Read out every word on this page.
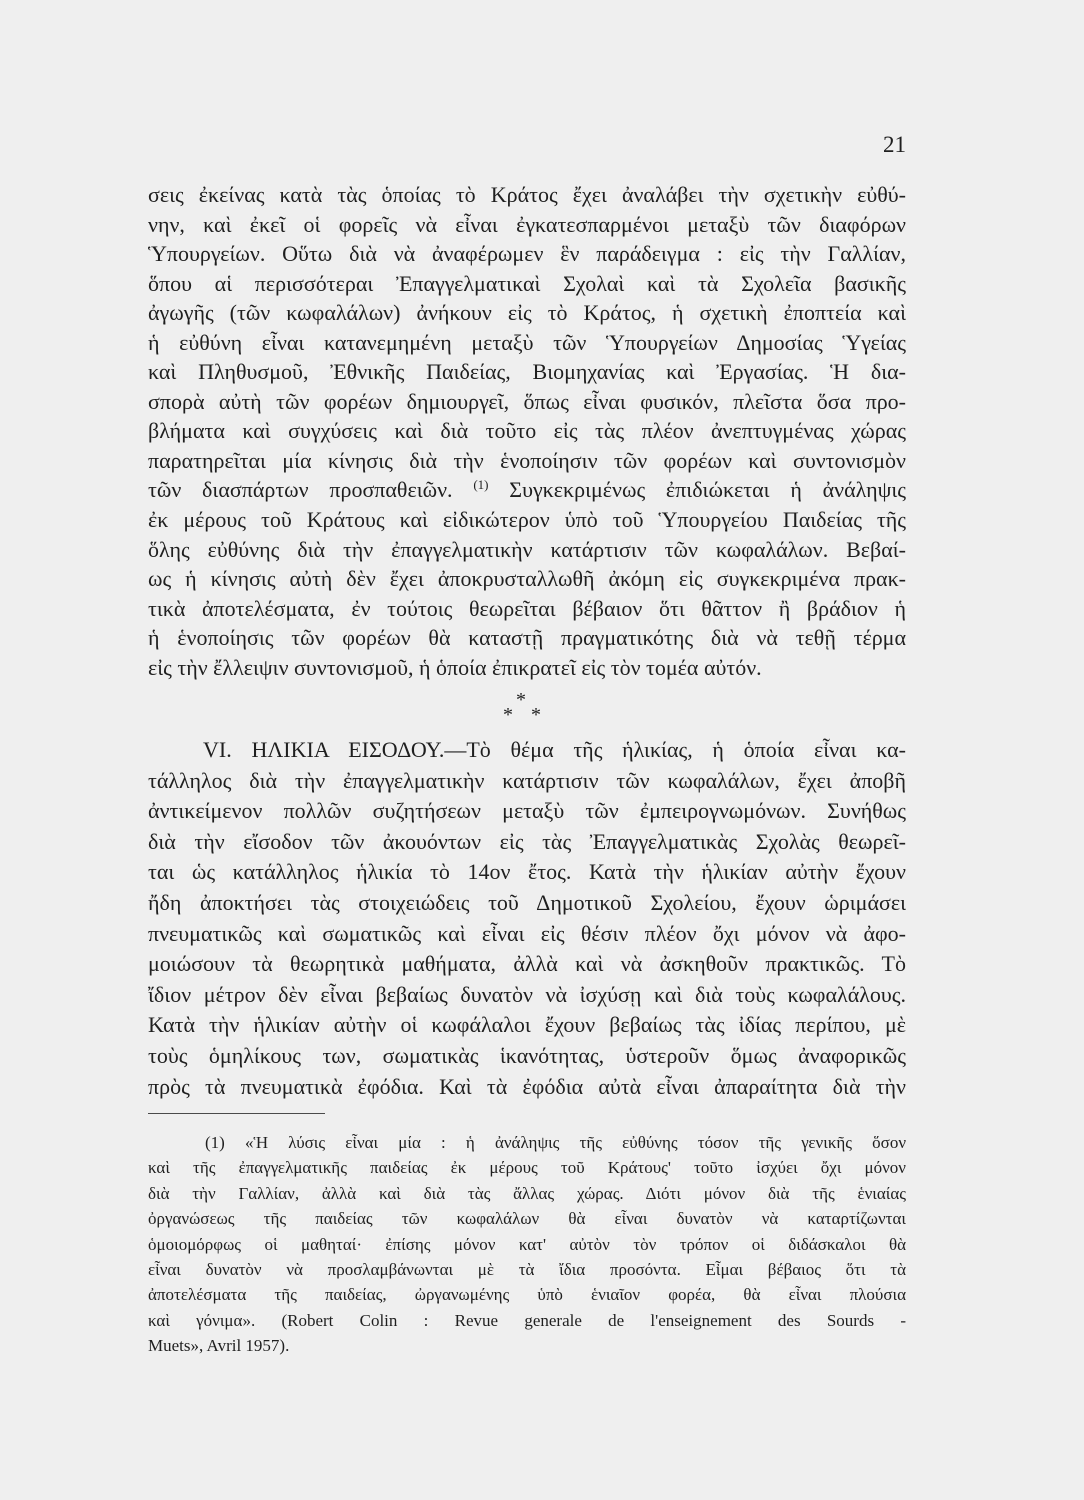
21
σεις ἐκείνας κατὰ τὰς ὁποίας τὸ Κράτος ἔχει ἀναλάβει τὴν σχετικὴν εὐθύ-
νην, καὶ ἐκεῖ οἱ φορεῖς νὰ εἶναι ἐγκατεσπαρμένοι μεταξὺ τῶν διαφόρων
Ὑπουργείων. Οὕτω διὰ νὰ ἀναφέρωμεν ἓν παράδειγμα : εἰς τὴν Γαλλίαν,
ὅπου αἱ περισσότεραι Ἐπαγγελματικαὶ Σχολαὶ καὶ τὰ Σχολεῖα βασικῆς
ἀγωγῆς (τῶν κωφαλάλων) ἀνήκουν εἰς τὸ Κράτος, ἡ σχετικὴ ἐποπτεία καὶ
ἡ εὐθύνη εἶναι κατανεμημένη μεταξὺ τῶν Ὑπουργείων Δημοσίας Ὑγείας
καὶ Πληθυσμοῦ, Ἐθνικῆς Παιδείας, Βιομηχανίας καὶ Ἐργασίας. Ἡ δια-
σπορὰ αὐτὴ τῶν φορέων δημιουργεῖ, ὅπως εἶναι φυσικόν, πλεῖστα ὅσα προ-
βλήματα καὶ συγχύσεις καὶ διὰ τοῦτο εἰς τὰς πλέον ἀνεπτυγμένας χώρας
παρατηρεῖται μία κίνησις διὰ τὴν ἑνοποίησιν τῶν φορέων καὶ συντονισμὸν
τῶν διασπάρτων προσπαθειῶν. $^{(1)}$ Συγκεκριμένως ἐπιδιώκεται ἡ ἀνάληψις
ἐκ μέρους τοῦ Κράτους καὶ εἰδικώτερον ὑπὸ τοῦ Ὑπουργείου Παιδείας τῆς
ὅλης εὐθύνης διὰ τὴν ἐπαγγελματικὴν κατάρτισιν τῶν κωφαλάλων. Βεβαί-
ως ἡ κίνησις αὐτὴ δὲν ἔχει ἀποκρυσταλλωθῆ ἀκόμη εἰς συγκεκριμένα πρακ-
τικὰ ἀποτελέσματα, ἐν τούτοις θεωρεῖται βέβαιον ὅτι θᾶττον ἢ βράδιον ἡ
ἡ ἑνοποίησις τῶν φορέων θὰ καταστῇ πραγματικότης διὰ νὰ τεθῇ τέρμα
εἰς τὴν ἔλλειψιν συντονισμοῦ, ἡ ὁποία ἐπικρατεῖ εἰς τὸν τομέα αὐτόν.
*
* *
VI. ΗΛΙΚΙΑ ΕΙΣΟΔΟΥ.—Τὸ θέμα τῆς ἡλικίας, ἡ ὁποία εἶναι κα-
τάλληλος διὰ τὴν ἐπαγγελματικὴν κατάρτισιν τῶν κωφαλάλων, ἔχει ἀποβῆ
ἀντικείμενον πολλῶν συζητήσεων μεταξὺ τῶν ἐμπειρογνωμόνων. Συνήθως
διὰ τὴν εἴσοδον τῶν ἀκουόντων εἰς τὰς Ἐπαγγελματικὰς Σχολὰς θεωρεῖ-
ται ὡς κατάλληλος ἡλικία τὸ 14ον ἔτος. Κατὰ τὴν ἡλικίαν αὐτὴν ἔχουν
ἤδη ἀποκτήσει τὰς στοιχειώδεις τοῦ Δημοτικοῦ Σχολείου, ἔχουν ὡριμάσει
πνευματικῶς καὶ σωματικῶς καὶ εἶναι εἰς θέσιν πλέον ὄχι μόνον νὰ ἀφο-
μοιώσουν τὰ θεωρητικὰ μαθήματα, ἀλλὰ καὶ νὰ ἀσκηθοῦν πρακτικῶς. Τὸ
ἴδιον μέτρον δὲν εἶναι βεβαίως δυνατὸν νὰ ἰσχύσῃ καὶ διὰ τοὺς κωφαλάλους.
Κατὰ τὴν ἡλικίαν αὐτὴν οἱ κωφάλαλοι ἔχουν βεβαίως τὰς ἰδίας περίπου, μὲ
τοὺς ὁμηλίκους των, σωματικὰς ἱκανότητας, ὑστεροῦν ὅμως ἀναφορικῶς
πρὸς τὰ πνευματικὰ ἐφόδια. Καὶ τὰ ἐφόδια αὐτὰ εἶναι ἀπαραίτητα διὰ τὴν
(1) «Ἡ λύσις εἶναι μία : ἡ ἀνάληψις τῆς εὐθύνης τόσον τῆς γενικῆς ὅσον
καὶ τῆς ἐπαγγελματικῆς παιδείας ἐκ μέρους τοῦ Κράτους' τοῦτο ἰσχύει ὄχι μόνον
διὰ τὴν Γαλλίαν, ἀλλὰ καὶ διὰ τὰς ἄλλας χώρας. Διότι μόνον διὰ τῆς ἑνιαίας
ὀργανώσεως τῆς παιδείας τῶν κωφαλάλων θὰ εἶναι δυνατὸν νὰ καταρτίζωνται
ὁμοιομόρφως οἱ μαθηταί· ἐπίσης μόνον κατ' αὐτὸν τὸν τρόπον οἱ διδάσκαλοι θὰ
εἶναι δυνατὸν νὰ προσλαμβάνωνται μὲ τὰ ἴδια προσόντα. Εἶμαι βέβαιος ὅτι τὰ
ἀποτελέσματα τῆς παιδείας, ὠργανωμένης ὑπὸ ἑνιαῖον φορέα, θὰ εἶναι πλούσια
καὶ γόνιμα». (Robert Colin : Revue generale de l'enseignement des Sourds -
Muets», Avril 1957).
